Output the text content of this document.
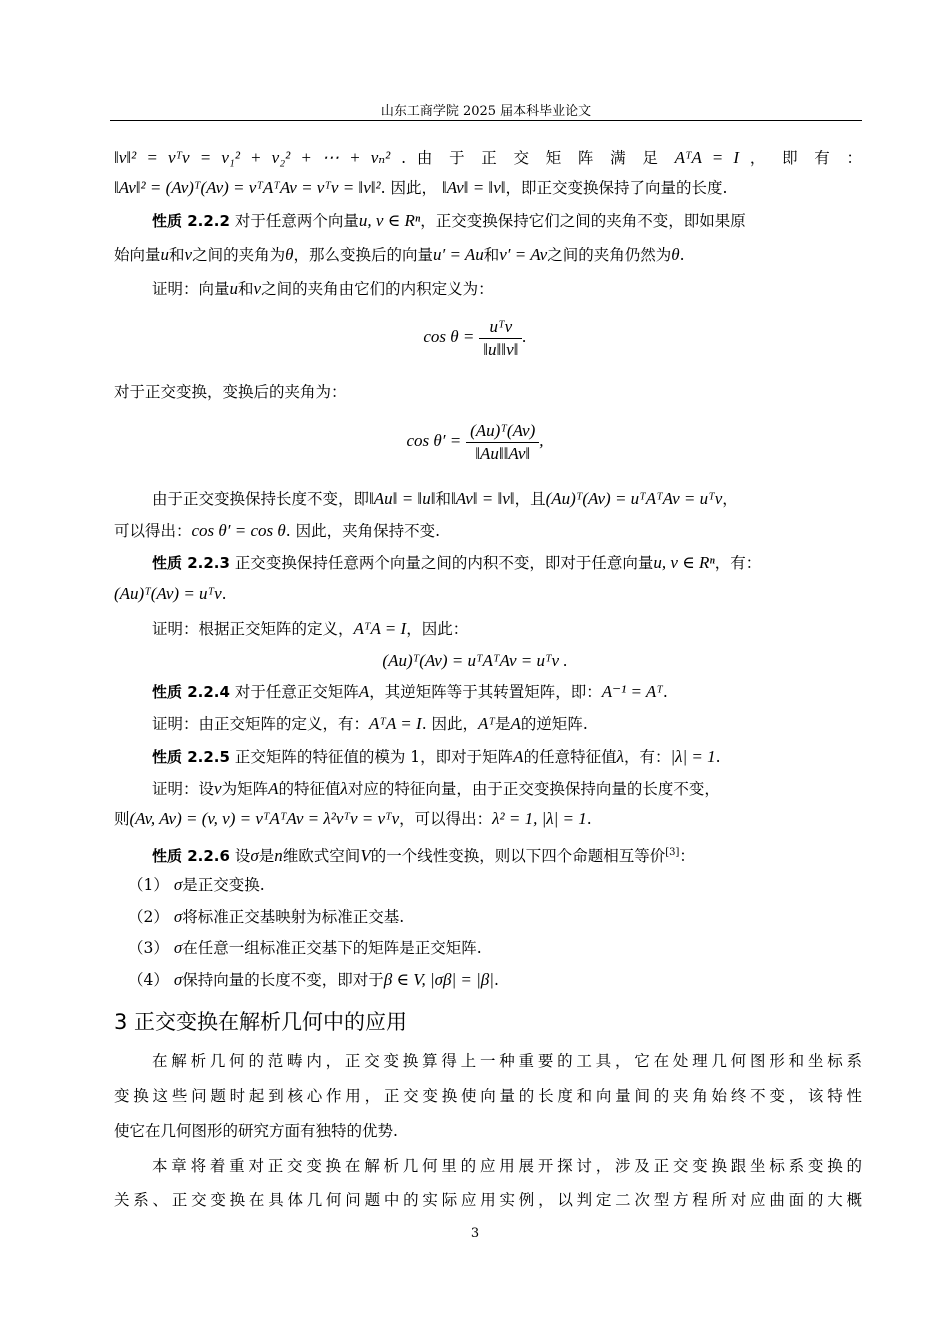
山东工商学院 2025 届本科毕业论文
‖v‖² = vᵀv = v₁² + v₂² + ⋯ + vₙ² . 由 于 正 交 矩 阵 满 足 AᵀA = I ， 即 有 ：
‖Av‖² = (Av)ᵀ(Av) = vᵀAᵀAv = vᵀv = ‖v‖². 因此， ‖Av‖ = ‖v‖，即正交变换保持了向量的长度.
性质 2.2.2 对于任意两个向量u, v ∈ Rⁿ，正交变换保持它们之间的夹角不变，即如果原
始向量u和v之间的夹角为θ，那么变换后的向量u′ = Au和v′ = Av之间的夹角仍然为θ.
证明：向量u和v之间的夹角由它们的内积定义为：
$\cos \theta = \frac{\text{uᵀv}}{‖u‖‖v‖}$ .
对于正交变换，变换后的夹角为：
$\cos \theta' = \frac{\text{(Au)ᵀ(Av)}}{‖Au‖‖Av‖}$ ,
由于正交变换保持长度不变，即‖Au‖ = ‖u‖和‖Av‖ = ‖v‖，且(Au)ᵀ(Av) = uᵀAᵀAv = uᵀv，
可以得出：cos θ′ = cos θ. 因此，夹角保持不变.
性质 2.2.3 正交变换保持任意两个向量之间的内积不变，即对于任意向量u, v ∈ Rⁿ，有：
(Au)ᵀ(Av) = uᵀv.
证明：根据正交矩阵的定义，AᵀA = I，因此：
(Au)ᵀ(Av) = uᵀAᵀAv = uᵀv .
性质 2.2.4 对于任意正交矩阵A，其逆矩阵等于其转置矩阵，即：A⁻¹ = Aᵀ.
证明：由正交矩阵的定义，有：AᵀA = I. 因此，Aᵀ是A的逆矩阵.
性质 2.2.5 正交矩阵的特征值的模为 1，即对于矩阵A的任意特征值λ，有：|λ| = 1.
证明：设v为矩阵A的特征值λ对应的特征向量，由于正交变换保持向量的长度不变，
则(Av, Av) = (v, v) = vᵀAᵀAv = λ²vᵀv = vᵀv，可以得出：λ² = 1, |λ| = 1.
性质 2.2.6 设σ是n维欧式空间V的一个线性变换，则以下四个命题相互等价[3]：
（1） σ是正交变换.
（2） σ将标准正交基映射为标准正交基.
（3） σ在任意一组标准正交基下的矩阵是正交矩阵.
（4） σ保持向量的长度不变，即对于β ∈ V, |σβ| = |β|.
3 正交变换在解析几何中的应用
在解析几何的范畴内，正交变换算得上一种重要的工具，它在处理几何图形和坐标系
变换这些问题时起到核心作用，正交变换使向量的长度和向量间的夹角始终不变，该特性
使它在几何图形的研究方面有独特的优势.
本章将着重对正交变换在解析几何里的应用展开探讨，涉及正交变换跟坐标系变换的
关系、正交变换在具体几何问题中的实际应用实例，以判定二次型方程所对应曲面的大概
3
